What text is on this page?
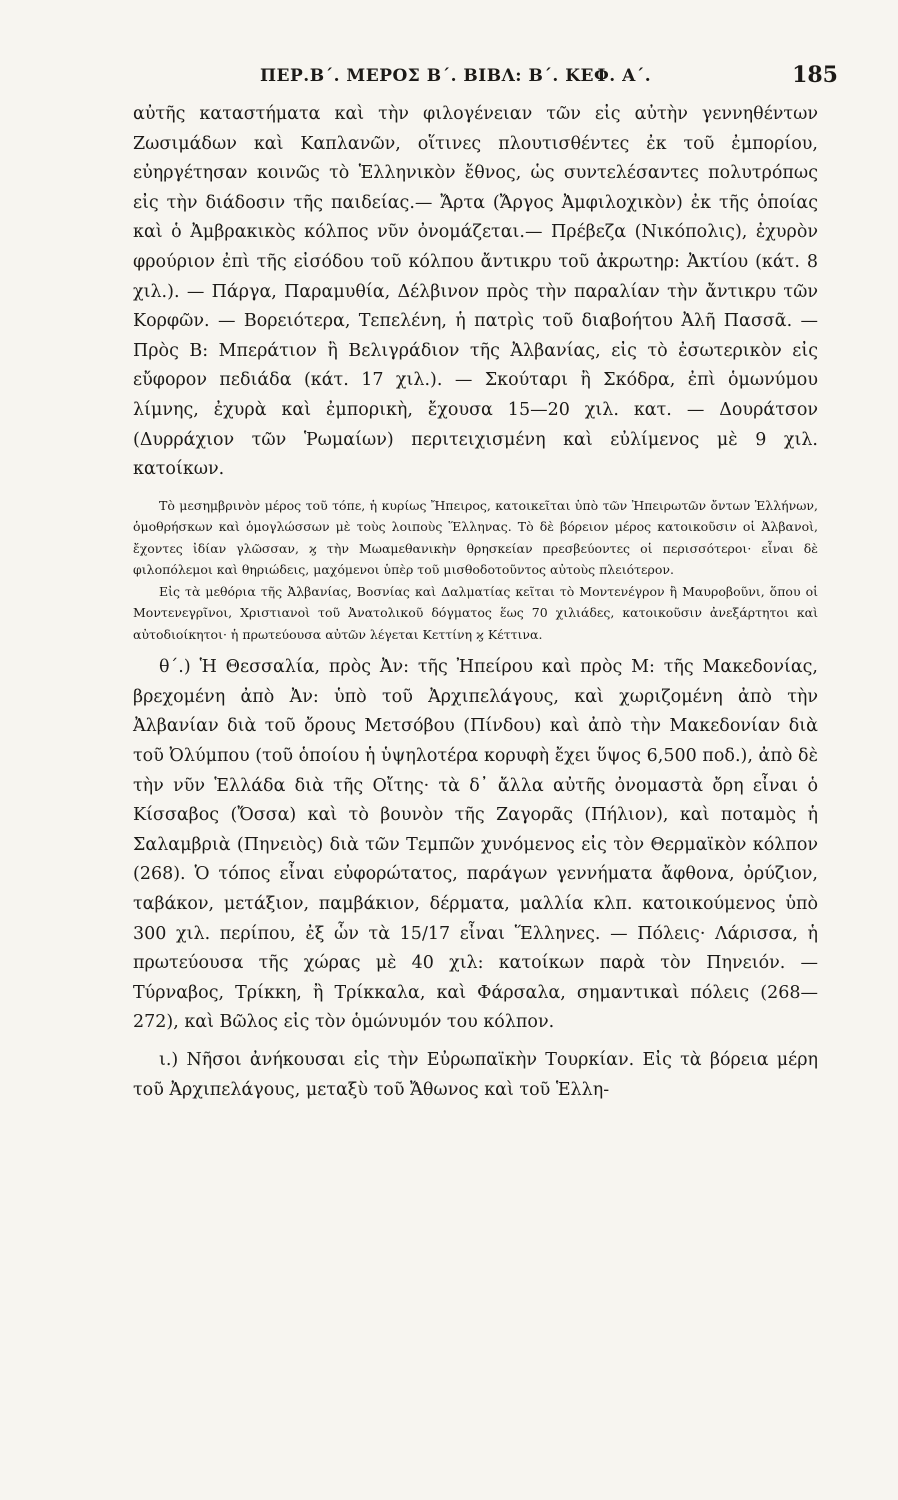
ΠΕΡ.Β΄. ΜΕΡΟΣ Β΄. ΒΙΒΛ: Β΄. ΚΕΦ. Α΄.	185

αὐτῆς καταστήματα καὶ τὴν φιλογένειαν τῶν εἰς αὐτὴν γεννηθέντων Ζωσιμάδων καὶ Καπλανῶν, οἵτινες πλουτισθέντες ἐκ τοῦ ἐμπορίου, εὐηργέτησαν κοινῶς τὸ Ἑλληνικὸν ἔθνος, ὡς συντελέσαντες πολυτρόπως εἰς τὴν διάδοσιν τῆς παιδείας.— Ἄρτα (Ἄργος Ἀμφιλοχικὸν) ἐκ τῆς ὁποίας καὶ ὁ Ἀμβρακικὸς κόλπος νῦν ὀνομάζεται.— Πρέβεζα (Νικόπολις), ἐχυρὸν φρούριον ἐπὶ τῆς εἰσόδου τοῦ κόλπου ἄντικρυ τοῦ ἀκρωτηρ: Ἀκτίου (κάτ. 8 χιλ.). — Πάργα, Παραμυθία, Δέλβινον πρὸς τὴν παραλίαν τὴν ἄντικρυ τῶν Κορφῶν. — Βορειότερα, Τεπελένη, ἡ πατρὶς τοῦ διαβοήτου Ἀλῆ Πασσᾶ. — Πρὸς Β: Μπεράτιον ἢ Βελιγράδιον τῆς Ἀλβανίας, εἰς τὸ ἐσωτερικὸν εἰς εὔφορον πεδιάδα (κάτ. 17 χιλ.). — Σκούταρι ἢ Σκόδρα, ἐπὶ ὁμωνύμου λίμνης, ἐχυρὰ καὶ ἐμπορικὴ, ἔχουσα 15—20 χιλ. κατ. — Δουράτσον (Δυρράχιον τῶν Ῥωμαίων) περιτειχισμένη καὶ εὐλίμενος μὲ 9 χιλ. κατοίκων.

Τὸ μεσημβρινὸν μέρος τοῦ τόπε, ἡ κυρίως Ἤπειρος, κατοικεῖται ὑπὸ τῶν Ἠπειρωτῶν ὄντων Ἑλλήνων, ὁμοθρήσκων καὶ ὁμογλώσσων μὲ τοὺς λοιποὺς Ἕλληνας. Τὸ δὲ βόρειον μέρος κατοικοῦσιν οἱ Ἀλβανοὶ, ἔχοντες ἰδίαν γλῶσσαν, ϗ τὴν Μωαμεθανικὴν θρησκείαν πρεσβεύοντες οἱ περισσότεροι· εἶναι δὲ φιλοπόλεμοι καὶ θηριώδεις, μαχόμενοι ὑπὲρ τοῦ μισθοδοτοῦντος αὐτοὺς πλειότερον.

Εἰς τὰ μεθόρια τῆς Ἀλβανίας, Βοσνίας καὶ Δαλματίας κεῖται τὸ Μοντενέγρον ἢ Μαυροβοῦνι, ὅπου οἱ Μοντενεγρῖνοι, Χριστιανοὶ τοῦ Ἀνατολικοῦ δόγματος ἕως 70 χιλιάδες, κατοικοῦσιν ἀνεξάρτητοι καὶ αὐτοδιοίκητοι· ἡ πρωτεύουσα αὐτῶν λέγεται Κεττίνη ϗ Κέττινα.

θ΄.) Ἡ Θεσσαλία, πρὸς Ἀν: τῆς Ἠπείρου καὶ πρὸς Μ: τῆς Μακεδονίας, βρεχομένη ἀπὸ Ἀν: ὑπὸ τοῦ Ἀρχιπελάγους, καὶ χωριζομένη ἀπὸ τὴν Ἀλβανίαν διὰ τοῦ ὄρους Μετσόβου (Πίνδου) καὶ ἀπὸ τὴν Μακεδονίαν διὰ τοῦ Ὀλύμπου (τοῦ ὁποίου ἡ ὑψηλοτέρα κορυφὴ ἔχει ὕψος 6,500 ποδ.), ἀπὸ δὲ τὴν νῦν Ἑλλάδα διὰ τῆς Οἴτης· τὰ δ᾽ ἄλλα αὐτῆς ὀνομαστὰ ὄρη εἶναι ὁ Κίσσαβος (Ὄσσα) καὶ τὸ βουνὸν τῆς Ζαγορᾶς (Πήλιον), καὶ ποταμὸς ἡ Σαλαμβριὰ (Πηνειὸς) διὰ τῶν Τεμπῶν χυνόμενος εἰς τὸν Θερμαϊκὸν κόλπον (268). Ὁ τόπος εἶναι εὐφορώτατος, παράγων γεννήματα ἄφθονα, ὀρύζιον, ταβάκον, μετάξιον, παμβάκιον, δέρματα, μαλλία κλπ. κατοικούμενος ὑπὸ 300 χιλ. περίπου, ἐξ ὧν τὰ 15/17 εἶναι Ἕλληνες. — Πόλεις· Λάρισσα, ἡ πρωτεύουσα τῆς χώρας μὲ 40 χιλ: κατοίκων παρὰ τὸν Πηνειόν. — Τύρναβος, Τρίκκη, ἢ Τρίκκαλα, καὶ Φάρσαλα, σημαντικαὶ πόλεις (268—272), καὶ Βῶλος εἰς τὸν ὁμώνυμόν του κόλπον.

ι.) Νῆσοι ἀνήκουσαι εἰς τὴν Εὐρωπαϊκὴν Τουρκίαν. Εἰς τὰ βόρεια μέρη τοῦ Ἀρχιπελάγους, μεταξὺ τοῦ Ἄθωνος καὶ τοῦ Ἑλλη-
